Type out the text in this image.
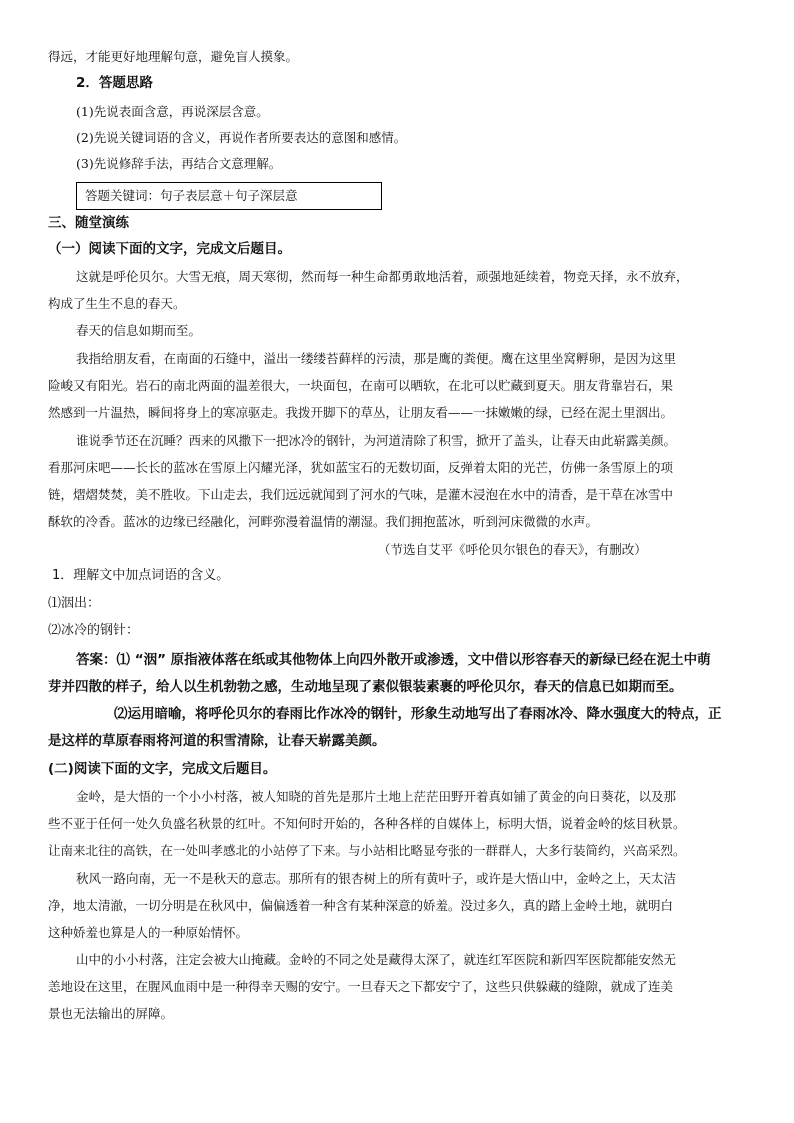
得远，才能更好地理解句意，避免盲人摸象。

2．答题思路

(1)先说表面含意，再说深层含意。

(2)先说关键词语的含义，再说作者所要表达的意图和感情。

(3)先说修辞手法，再结合文意理解。

答题关键词：句子表层意＋句子深层意

三、随堂演练

（一）阅读下面的文字，完成文后题目。

这就是呼伦贝尔。大雪无痕，周天寒彻，然而每一种生命都勇敢地活着，顽强地延续着，物竞天择，永不放弃，

构成了生生不息的春天。

春天的信息如期而至。

我指给朋友看，在南面的石缝中，溢出一缕缕苔藓样的污渍，那是鹰的粪便。鹰在这里坐窝孵卵，是因为这里

险峻又有阳光。岩石的南北两面的温差很大，一块面包，在南可以晒软，在北可以贮藏到夏天。朋友背靠岩石，果

然感到一片温热，瞬间将身上的寒凉驱走。我拨开脚下的草丛，让朋友看——一抹嫩嫩的绿，已经在泥土里洇出。

谁说季节还在沉睡？西来的风撒下一把冰冷的钢针，为河道清除了积雪，掀开了盖头，让春天由此崭露美颜。

看那河床吧——长长的蓝冰在雪原上闪耀光泽，犹如蓝宝石的无数切面，反弹着太阳的光芒，仿佛一条雪原上的项

链，熠熠焚焚，美不胜收。下山走去，我们远远就闻到了河水的气味，是灌木浸泡在水中的清香，是干草在冰雪中

酥软的冷香。蓝冰的边缘已经融化，河畔弥漫着温情的潮湿。我们拥抱蓝冰，听到河床微微的水声。

（节选自艾平《呼伦贝尔银色的春天》，有删改）

1．理解文中加点词语的含义。

⑴洇出：

⑵冰冷的钢针：

答案：⑴ “洇” 原指液体落在纸或其他物体上向四外散开或渗透，文中借以形容春天的新绿已经在泥土中萌

芽并四散的样子，给人以生机勃勃之感，生动地呈现了素似银装素裹的呼伦贝尔，春天的信息已如期而至。

⑵运用暗喻，将呼伦贝尔的春雨比作冰冷的钢针，形象生动地写出了春雨冰冷、降水强度大的特点，正

是这样的草原春雨将河道的积雪清除，让春天崭露美颜。

(二)阅读下面的文字，完成文后题目。

金岭，是大悟的一个小小村落，被人知晓的首先是那片土地上茫茫田野开着真如铺了黄金的向日葵花，以及那

些不亚于任何一处久负盛名秋景的红叶。不知何时开始的，各种各样的自媒体上，标明大悟，说着金岭的炫目秋景。

让南来北往的高铁，在一处叫孝感北的小站停了下来。与小站相比略显夸张的一群群人，大多行装简约，兴高采烈。

秋风一路向南，无一不是秋天的意志。那所有的银杏树上的所有黄叶子，或许是大悟山中，金岭之上，天太洁

净，地太清澈，一切分明是在秋风中，偏偏透着一种含有某种深意的娇羞。没过多久，真的踏上金岭土地，就明白

这种娇羞也算是人的一种原始情怀。

山中的小小村落，注定会被大山掩藏。金岭的不同之处是藏得太深了，就连红军医院和新四军医院都能安然无

恙地设在这里，在腥风血雨中是一种得幸天赐的安宁。一旦春天之下都安宁了，这些只供躲藏的缝隙，就成了连美

景也无法输出的屏障。
